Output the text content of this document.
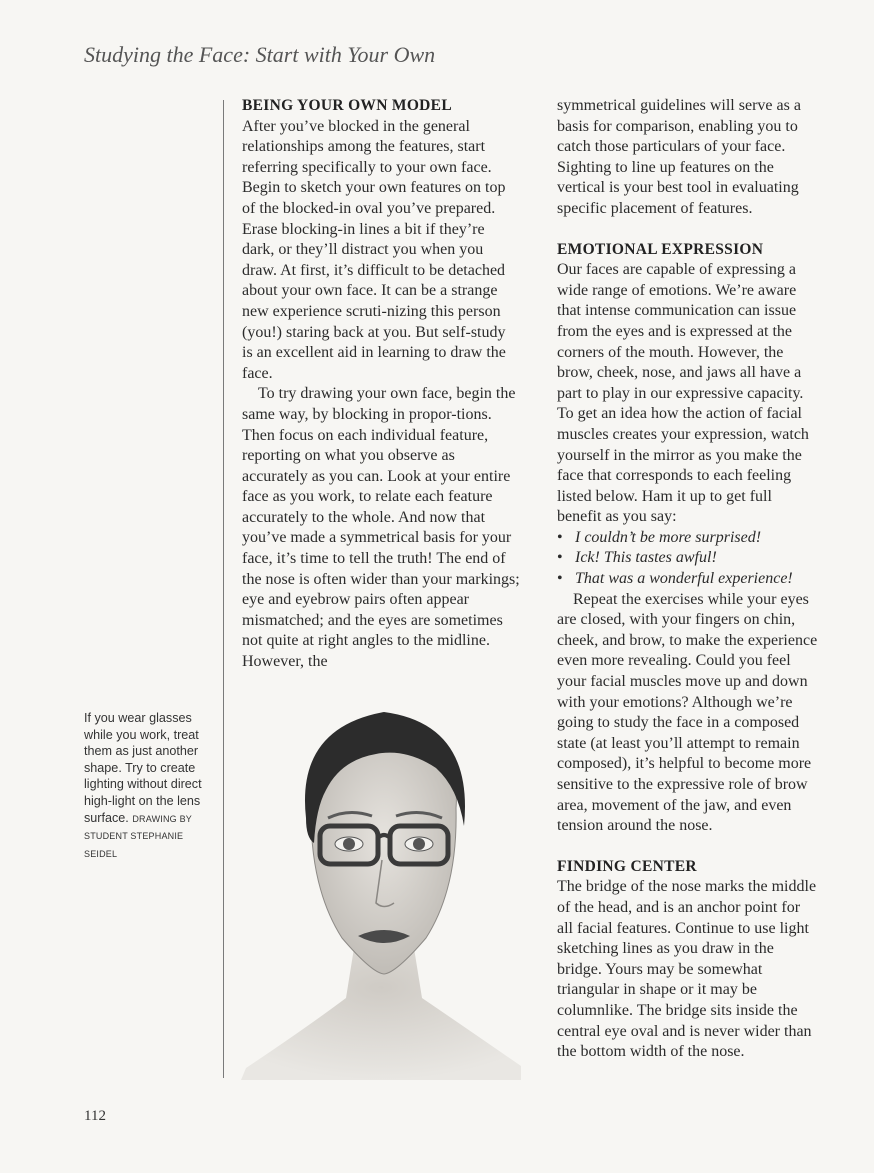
Studying the Face: Start with Your Own
BEING YOUR OWN MODEL

After you’ve blocked in the general relationships among the features, start referring specifically to your own face. Begin to sketch your own features on top of the blocked-in oval you’ve prepared. Erase blocking-in lines a bit if they’re dark, or they’ll distract you when you draw. At first, it’s difficult to be detached about your own face. It can be a strange new experience scruti-nizing this person (you!) staring back at you. But self-study is an excellent aid in learning to draw the face.

To try drawing your own face, begin the same way, by blocking in propor-tions. Then focus on each individual feature, reporting on what you observe as accurately as you can. Look at your entire face as you work, to relate each feature accurately to the whole. And now that you’ve made a symmetrical basis for your face, it’s time to tell the truth! The end of the nose is often wider than your markings; eye and eyebrow pairs often appear mismatched; and the eyes are sometimes not quite at right angles to the midline. However, the

symmetrical guidelines will serve as a basis for comparison, enabling you to catch those particulars of your face. Sighting to line up features on the vertical is your best tool in evaluating specific placement of features.

EMOTIONAL EXPRESSION

Our faces are capable of expressing a wide range of emotions. We’re aware that intense communication can issue from the eyes and is expressed at the corners of the mouth. However, the brow, cheek, nose, and jaws all have a part to play in our expressive capacity. To get an idea how the action of facial muscles creates your expression, watch yourself in the mirror as you make the face that corresponds to each feeling listed below. Ham it up to get full benefit as you say:

• I couldn’t be more surprised!
• Ick! This tastes awful!
• That was a wonderful experience!

Repeat the exercises while your eyes are closed, with your fingers on chin, cheek, and brow, to make the experience even more revealing. Could you feel your facial muscles move up and down with your emotions? Although we’re going to study the face in a composed state (at least you’ll attempt to remain composed), it’s helpful to become more sensitive to the expressive role of brow area, movement of the jaw, and even tension around the nose.

FINDING CENTER

The bridge of the nose marks the middle of the head, and is an anchor point for all facial features. Continue to use light sketching lines as you draw in the bridge. Yours may be somewhat triangular in shape or it may be columnlike. The bridge sits inside the central eye oval and is never wider than the bottom width of the nose.

If you wear glasses while you work, treat them as just another shape. Try to create lighting without direct high-light on the lens surface. DRAWING BY STUDENT STEPHANIE SEIDEL
112
